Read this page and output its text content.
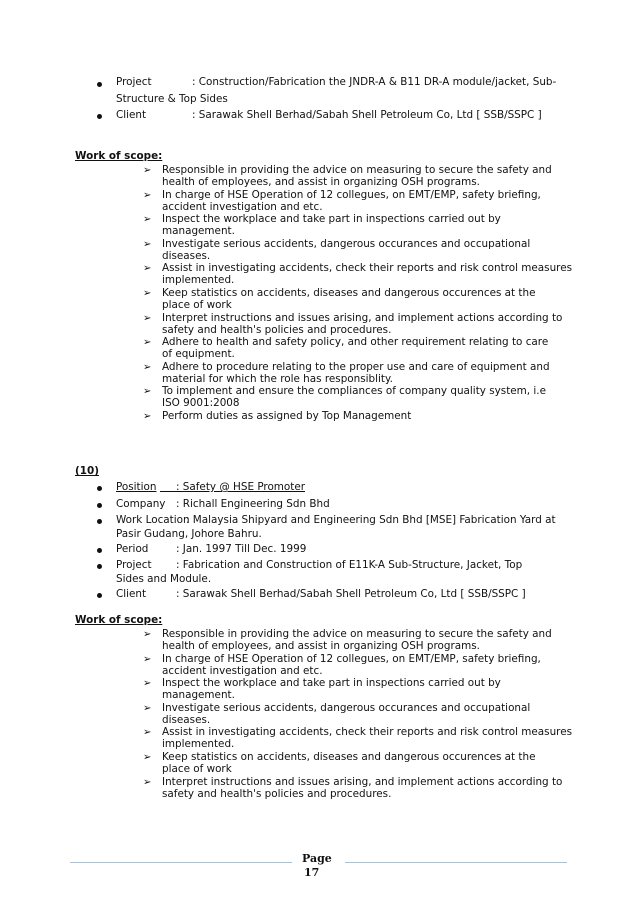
Project	: Construction/Fabrication the JNDR-A & B11 DR-A module/jacket, Sub-
Structure & Top Sides
Client	: Sarawak Shell Berhad/Sabah Shell Petroleum Co, Ltd [ SSB/SSPC ]
Work of scope:
➢ Responsible in providing the advice on measuring to secure the safety and
health of employees, and assist in organizing OSH programs.
➢ In charge of HSE Operation of 12 collegues, on EMT/EMP, safety briefing,
accident investigation and etc.
➢ Inspect the workplace and take part in inspections carried out by
management.
➢ Investigate serious accidents, dangerous occurances and occupational
diseases.
➢ Assist in investigating accidents, check their reports and risk control measures
implemented.
➢ Keep statistics on accidents, diseases and dangerous occurences at the
place of work
➢ Interpret instructions and issues arising, and implement actions according to
safety and health's policies and procedures.
➢ Adhere to health and safety policy, and other requirement relating to care
of equipment.
➢ Adhere to procedure relating to the proper use and care of equipment and
material for which the role has responsiblity.
➢ To implement and ensure the compliances of company quality system, i.e
ISO 9001:2008
➢ Perform duties as assigned by Top Management
(10)
Position : Safety @ HSE Promoter
Company : Richall Engineering Sdn Bhd
Work Location
: Malaysia Shipyard and Engineering Sdn Bhd [MSE] Fabrication Yard at
Pasir Gudang, Johore Bahru.
Period	: Jan. 1997 Till Dec. 1999
Project : Fabrication and Construction of E11K-A Sub-Structure, Jacket, Top
Sides and Module.
Client	: Sarawak Shell Berhad/Sabah Shell Petroleum Co, Ltd [ SSB/SSPC ]
Work of scope:
➢ Responsible in providing the advice on measuring to secure the safety and
health of employees, and assist in organizing OSH programs.
➢ In charge of HSE Operation of 12 collegues, on EMT/EMP, safety briefing,
accident investigation and etc.
➢ Inspect the workplace and take part in inspections carried out by
management.
➢ Investigate serious accidents, dangerous occurances and occupational
diseases.
➢ Assist in investigating accidents, check their reports and risk control measures
implemented.
➢ Keep statistics on accidents, diseases and dangerous occurences at the
place of work
➢ Interpret instructions and issues arising, and implement actions according to
safety and health's policies and procedures.
Page
17
